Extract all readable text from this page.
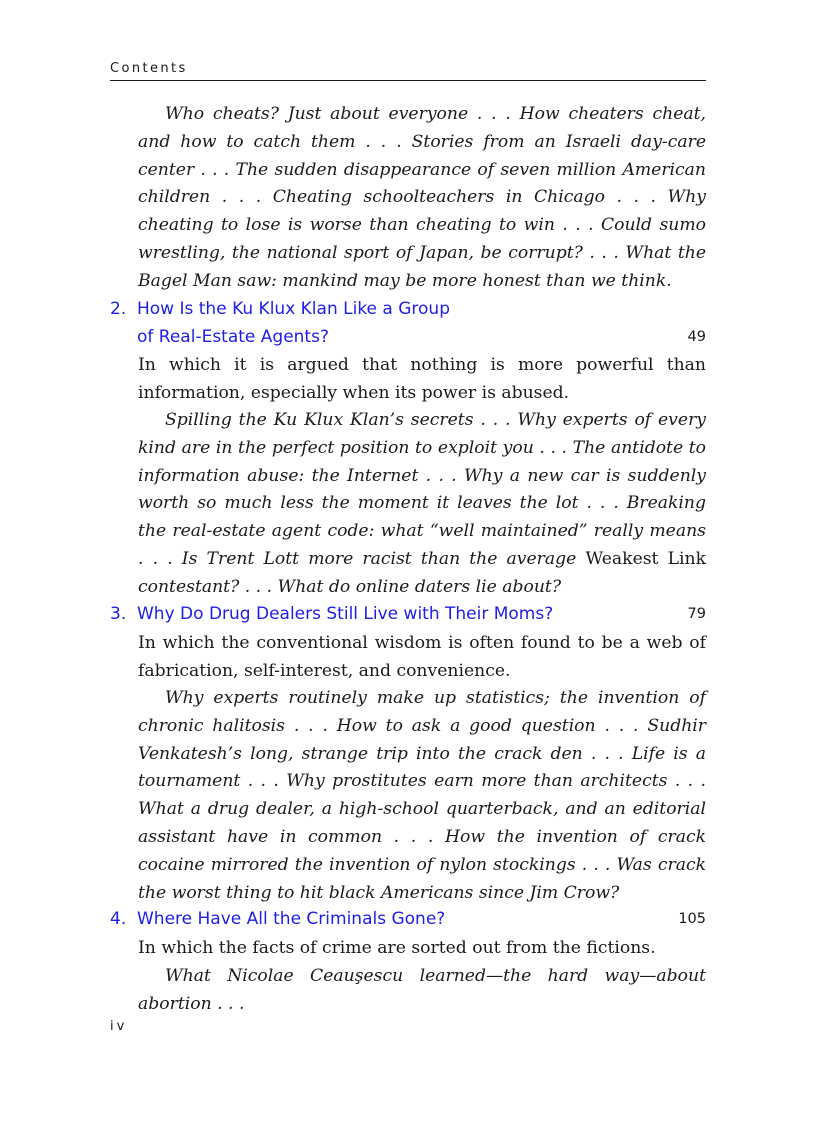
Contents

Who cheats? Just about everyone . . . How cheaters cheat, and how to catch them . . . Stories from an Israeli day-care center . . . The sudden disappearance of seven million American children . . . Cheating schoolteachers in Chicago . . . Why cheating to lose is worse than cheating to win . . . Could sumo wrestling, the national sport of Japan, be corrupt? . . . What the Bagel Man saw: mankind may be more honest than we think.

2. How Is the Ku Klux Klan Like a Group
of Real-Estate Agents?	49

In which it is argued that nothing is more powerful than information, especially when its power is abused.

Spilling the Ku Klux Klan’s secrets . . . Why experts of every kind are in the perfect position to exploit you . . . The antidote to information abuse: the Internet . . . Why a new car is suddenly worth so much less the moment it leaves the lot . . . Breaking the real-estate agent code: what “well maintained” really means . . . Is Trent Lott more racist than the average Weakest Link contestant? . . . What do online daters lie about?

3. Why Do Drug Dealers Still Live with Their Moms?	79

In which the conventional wisdom is often found to be a web of fabrication, self-interest, and convenience.

Why experts routinely make up statistics; the invention of chronic halitosis . . . How to ask a good question . . . Sudhir Venkatesh’s long, strange trip into the crack den . . . Life is a tournament . . . Why prostitutes earn more than architects . . . What a drug dealer, a high-school quarterback, and an editorial assistant have in common . . . How the invention of crack cocaine mirrored the invention of nylon stockings . . . Was crack the worst thing to hit black Americans since Jim Crow?

4. Where Have All the Criminals Gone?	105

In which the facts of crime are sorted out from the fictions.

What Nicolae Ceauşescu learned—the hard way—about abortion . . .

iv
